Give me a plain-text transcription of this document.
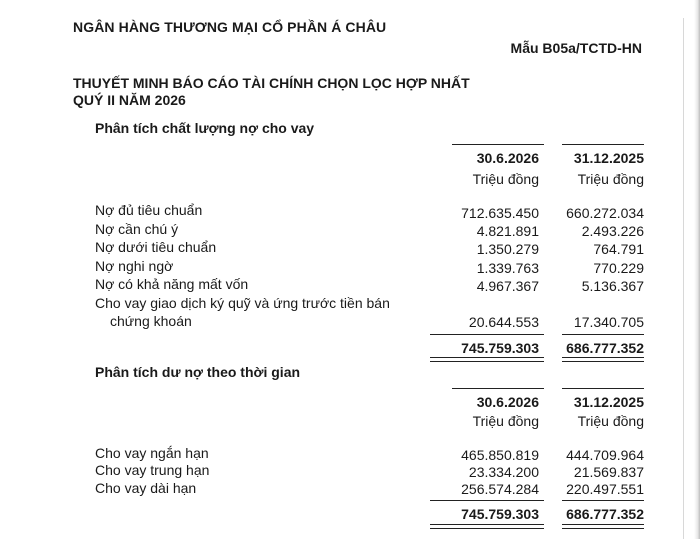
NGÂN HÀNG THƯƠNG MẠI CỔ PHẦN Á CHÂU
Mẫu B05a/TCTD-HN
THUYẾT MINH BÁO CÁO TÀI CHÍNH CHỌN LỌC HỢP NHẤT
QUÝ II NĂM 2026
Phân tích chất lượng nợ cho vay
30.6.2026 31.12.2025
Triệu đồng	Triệu đồng
Nợ đủ tiêu chuẩn	712.635.450 660.272.034
Nợ cần chú ý	4.821.891	2.493.226
Nợ dưới tiêu chuẩn	1.350.279	764.791
Nợ nghi ngờ	1.339.763	770.229
Nợ có khả năng mất vốn	4.967.367	5.136.367
Cho vay giao dịch ký quỹ và ứng trước tiền bán
chứng khoán	20.644.553 17.340.705
745.759.303 686.777.352
Phân tích dư nợ theo thời gian
30.6.2026 31.12.2025
Triệu đồng	Triệu đồng
Cho vay ngắn hạn	465.850.819 444.709.964
Cho vay trung hạn	23.334.200 21.569.837
Cho vay dài hạn	256.574.284 220.497.551
745.759.303 686.777.352
